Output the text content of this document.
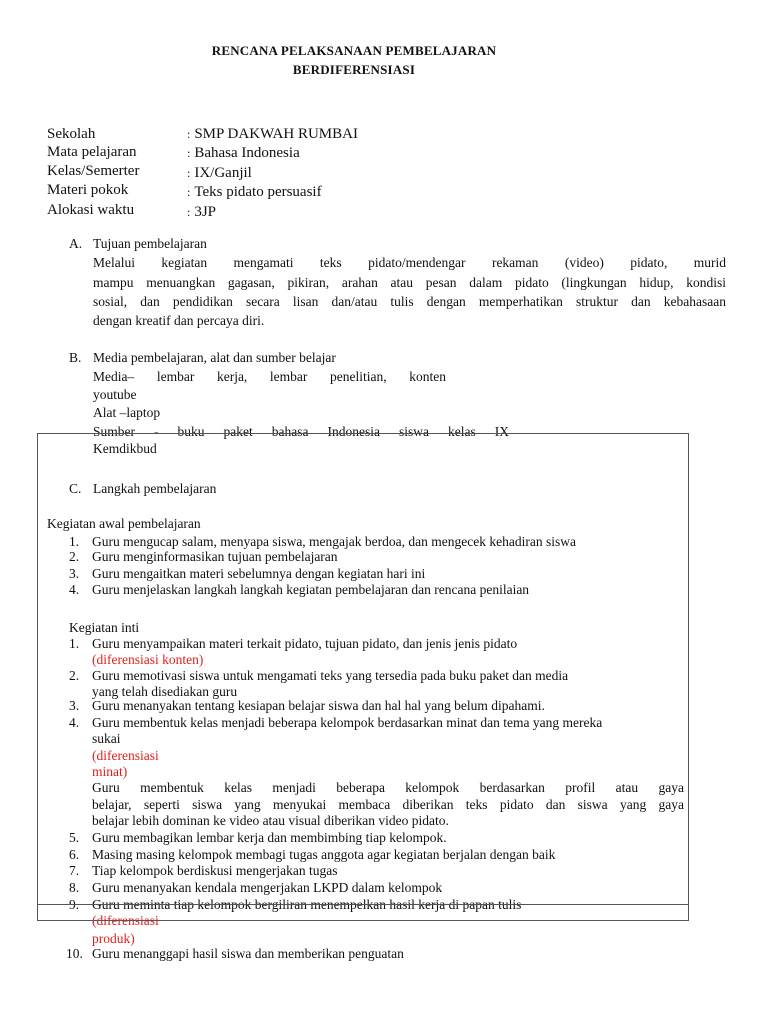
RENCANA PELAKSANAAN PEMBELAJARAN
BERDIFERENSIASI
Sekolah	: SMP DAKWAH RUMBAI
Mata pelajaran	: Bahasa Indonesia
Kelas/Semerter	: IX/Ganjil
Materi pokok	: Teks pidato persuasif
Alokasi waktu	: 3JP
A. Tujuan pembelajaran
Melalui kegiatan mengamati teks pidato/mendengar rekaman (video) pidato, murid
mampu menuangkan gagasan, pikiran, arahan atau pesan dalam pidato (lingkungan hidup, kondisi
sosial, dan pendidikan secara lisan dan/atau tulis dengan memperhatikan struktur dan kebahasaan
dengan kreatif dan percaya diri.
B. Media pembelajaran, alat dan sumber belajar
Media– lembar kerja, lembar penelitian, konten
youtube
Alat –laptop
Sumber - buku paket bahasa Indonesia siswa kelas IX
Kemdikbud
C. Langkah pembelajaran
Kegiatan awal pembelajaran
1. Guru mengucap salam, menyapa siswa, mengajak berdoa, dan mengecek kehadiran siswa
2. Guru menginformasikan tujuan pembelajaran
3. Guru mengaitkan materi sebelumnya dengan kegiatan hari ini
4. Guru menjelaskan langkah langkah kegiatan pembelajaran dan rencana penilaian
Kegiatan inti
1. Guru menyampaikan materi terkait pidato, tujuan pidato, dan jenis jenis pidato
(diferensiasi konten)
2. Guru memotivasi siswa untuk mengamati teks yang tersedia pada buku paket dan media
yang telah disediakan guru
3. Guru menanyakan tentang kesiapan belajar siswa dan hal hal yang belum dipahami.
4. Guru membentuk kelas menjadi beberapa kelompok berdasarkan minat dan tema yang mereka
sukai
(diferensiasi
minat)
Guru membentuk kelas menjadi beberapa kelompok berdasarkan profil atau gaya
belajar, seperti siswa yang menyukai membaca diberikan teks pidato dan siswa yang gaya
belajar lebih dominan ke video atau visual diberikan video pidato.
5. Guru membagikan lembar kerja dan membimbing tiap kelompok.
6. Masing masing kelompok membagi tugas anggota agar kegiatan berjalan dengan baik
7. Tiap kelompok berdiskusi mengerjakan tugas
8. Guru menanyakan kendala mengerjakan LKPD dalam kelompok
9. Guru meminta tiap kelompok bergiliran menempelkan hasil kerja di papan tulis
(diferensiasi
produk)
10. Guru menanggapi hasil siswa dan memberikan penguatan
